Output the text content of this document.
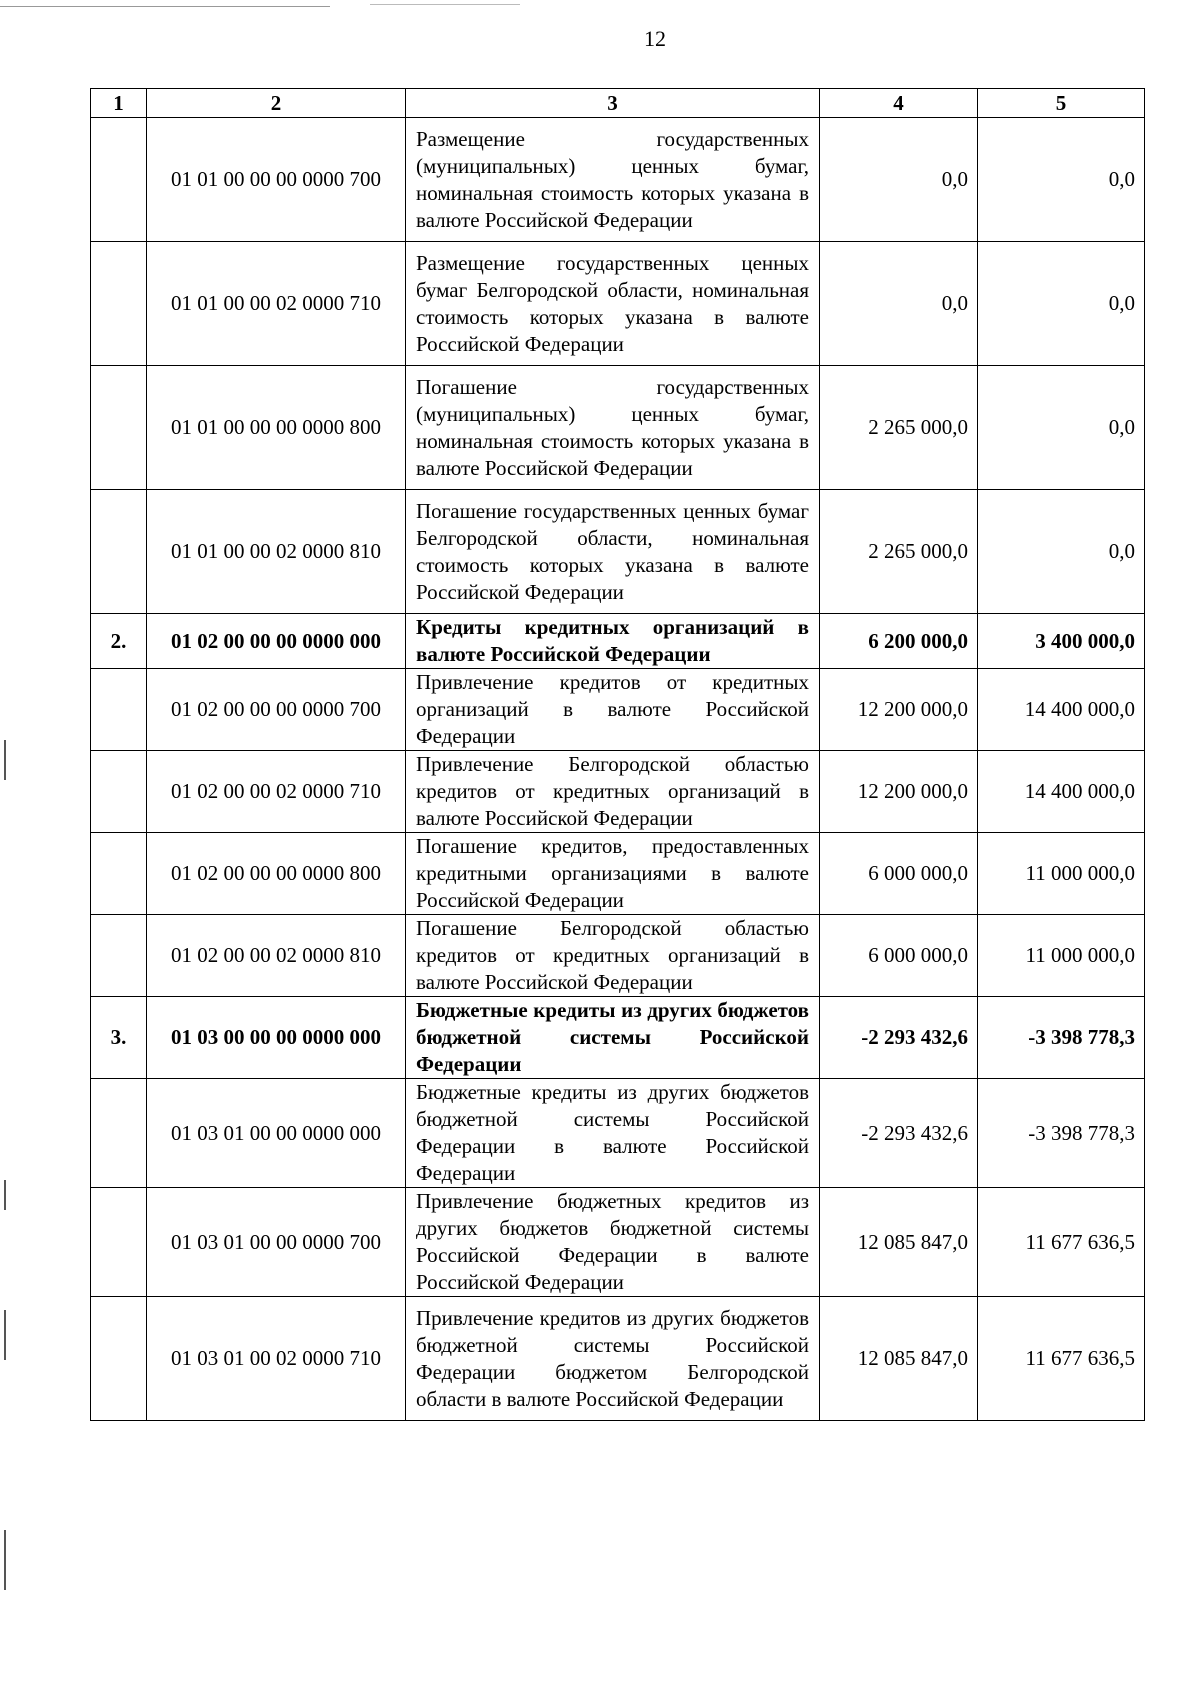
12
1	2	3	4	5
	01 01 00 00 00 0000 700	Размещение государственных (муниципальных) ценных бумаг, номинальная стоимость которых указана в валюте Российской Федерации	0,0	0,0
	01 01 00 00 02 0000 710	Размещение государственных ценных бумаг Белгородской области, номинальная стоимость которых указана в валюте Российской Федерации	0,0	0,0
	01 01 00 00 00 0000 800	Погашение государственных (муниципальных) ценных бумаг, номинальная стоимость которых указана в валюте Российской Федерации	2 265 000,0	0,0
	01 01 00 00 02 0000 810	Погашение государственных ценных бумаг Белгородской области, номинальная стоимость которых указана в валюте Российской Федерации	2 265 000,0	0,0
2.	01 02 00 00 00 0000 000	Кредиты кредитных организаций в валюте Российской Федерации	6 200 000,0	3 400 000,0
	01 02 00 00 00 0000 700	Привлечение кредитов от кредитных организаций в валюте Российской Федерации	12 200 000,0	14 400 000,0
	01 02 00 00 02 0000 710	Привлечение Белгородской областью кредитов от кредитных организаций в валюте Российской Федерации	12 200 000,0	14 400 000,0
	01 02 00 00 00 0000 800	Погашение кредитов, предоставленных кредитными организациями в валюте Российской Федерации	6 000 000,0	11 000 000,0
	01 02 00 00 02 0000 810	Погашение Белгородской областью кредитов от кредитных организаций в валюте Российской Федерации	6 000 000,0	11 000 000,0
3.	01 03 00 00 00 0000 000	Бюджетные кредиты из других бюджетов бюджетной системы Российской Федерации	-2 293 432,6	-3 398 778,3
	01 03 01 00 00 0000 000	Бюджетные кредиты из других бюджетов бюджетной системы Российской Федерации в валюте Российской Федерации	-2 293 432,6	-3 398 778,3
	01 03 01 00 00 0000 700	Привлечение бюджетных кредитов из других бюджетов бюджетной системы Российской Федерации в валюте Российской Федерации	12 085 847,0	11 677 636,5
	01 03 01 00 02 0000 710	Привлечение кредитов из других бюджетов бюджетной системы Российской Федерации бюджетом Белгородской области в валюте Российской Федерации	12 085 847,0	11 677 636,5
